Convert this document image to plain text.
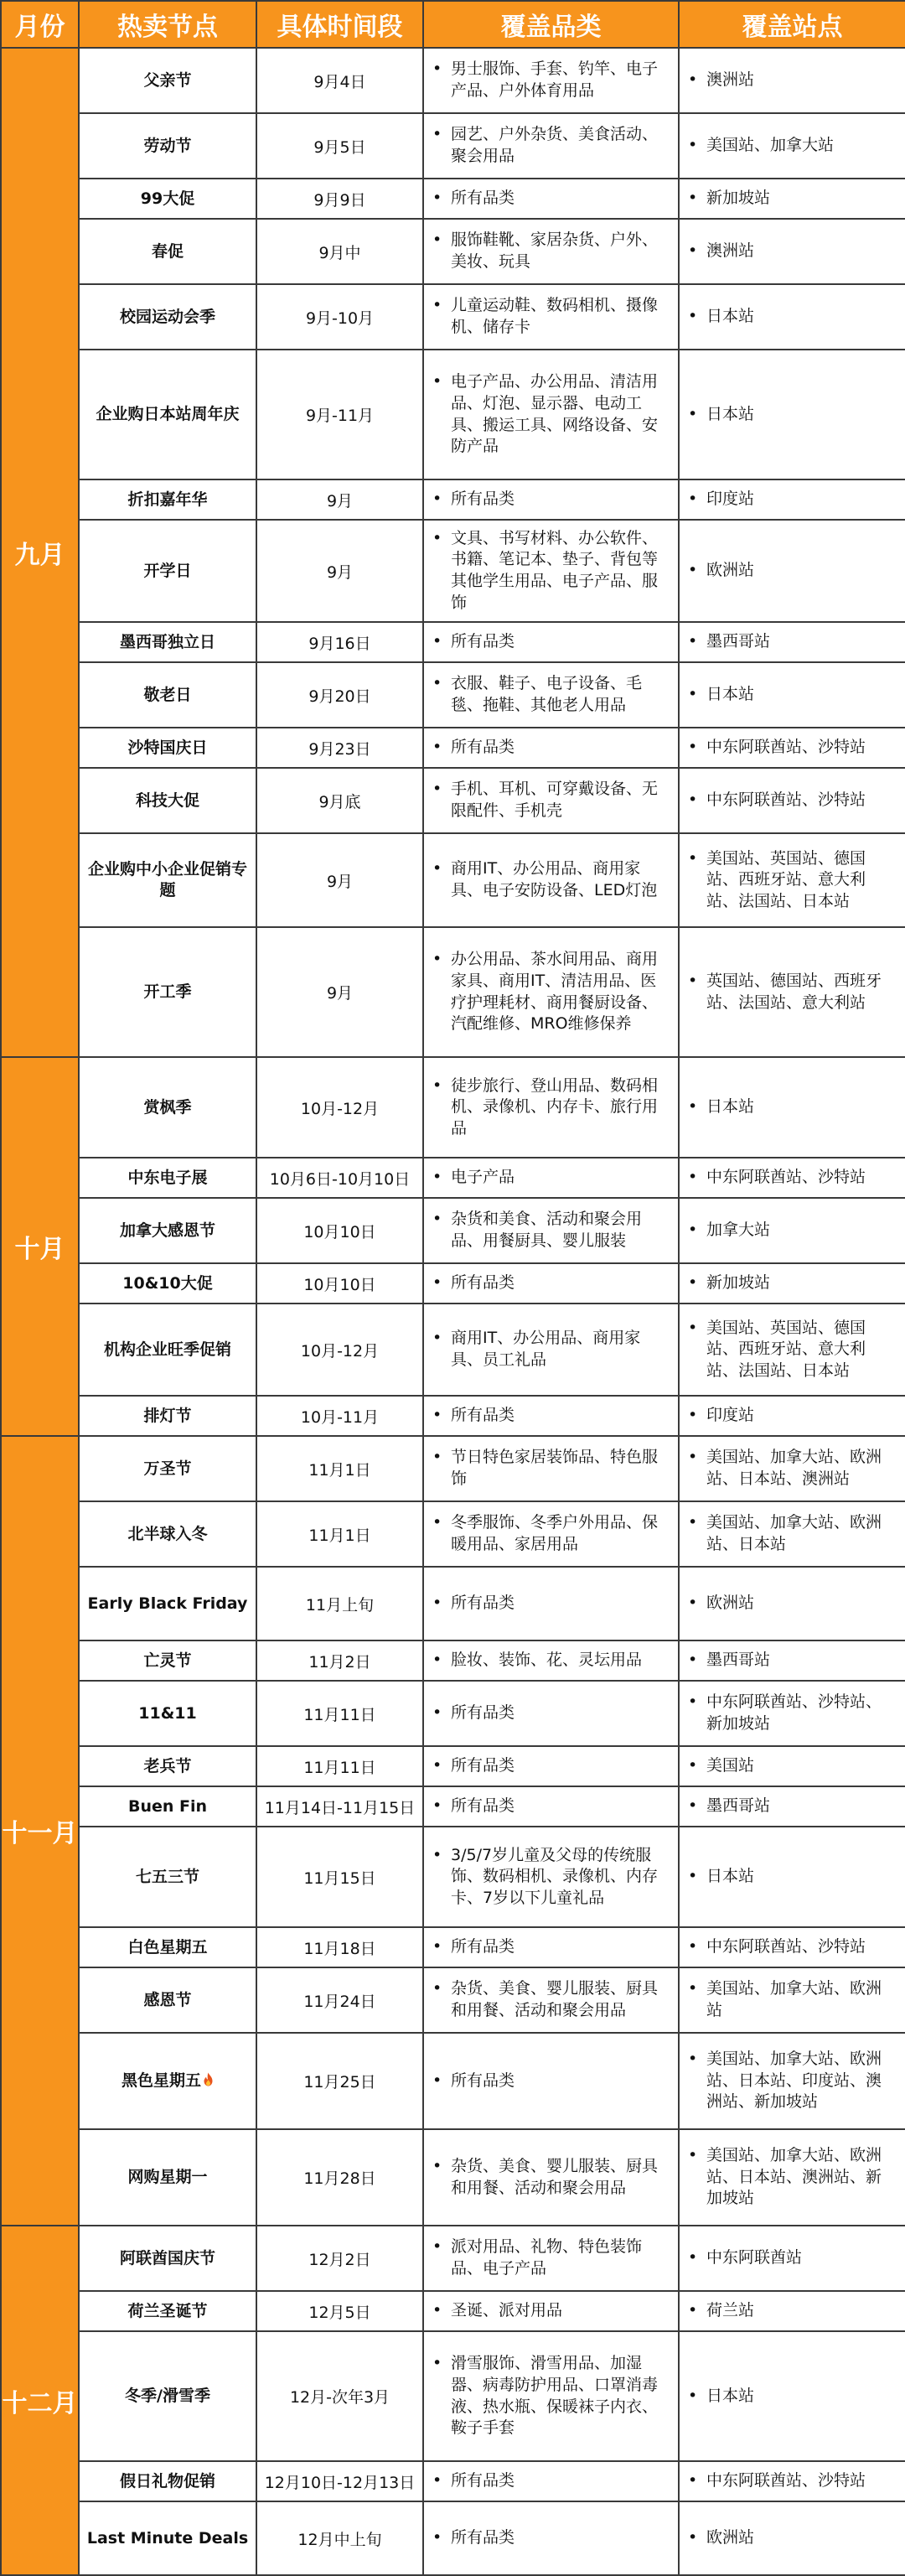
月份	热卖节点	具体时间段	覆盖品类	覆盖站点
九月	父亲节	9月4日	• 男士服饰、手套、钓竿、电子产品、户外体育用品	• 澳洲站

	劳动节	9月5日	• 园艺、户外杂货、美食活动、聚会用品	• 美国站、加拿大站

	99大促	9月9日	• 所有品类	• 新加坡站

	春促	9月中	• 服饰鞋靴、家居杂货、户外、美妆、玩具	• 澳洲站

	校园运动会季	9月-10月	• 儿童运动鞋、数码相机、摄像机、储存卡	• 日本站

	企业购日本站周年庆	9月-11月	• 电子产品、办公用品、清洁用品、灯泡、显示器、电动工具、搬运工具、网络设备、安防产品	• 日本站

	折扣嘉年华	9月	• 所有品类	• 印度站

	开学日	9月	• 文具、书写材料、办公软件、书籍、笔记本、垫子、背包等其他学生用品、电子产品、服饰	• 欧洲站

	墨西哥独立日	9月16日	• 所有品类	• 墨西哥站

	敬老日	9月20日	• 衣服、鞋子、电子设备、毛毯、拖鞋、其他老人用品	• 日本站

	沙特国庆日	9月23日	• 所有品类	• 中东阿联酋站、沙特站

	科技大促	9月底	• 手机、耳机、可穿戴设备、无限配件、手机壳	• 中东阿联酋站、沙特站

	企业购中小企业促销专题	9月	• 商用IT、办公用品、商用家具、电子安防设备、LED灯泡	• 美国站、英国站、德国站、西班牙站、意大利站、法国站、日本站

	开工季	9月	• 办公用品、茶水间用品、商用家具、商用IT、清洁用品、医疗护理耗材、商用餐厨设备、汽配维修、MRO维修保养	• 英国站、德国站、西班牙站、法国站、意大利站

十月	赏枫季	10月-12月	• 徒步旅行、登山用品、数码相机、录像机、内存卡、旅行用品	• 日本站

	中东电子展	10月6日-10月10日	• 电子产品	• 中东阿联酋站、沙特站

	加拿大感恩节	10月10日	• 杂货和美食、活动和聚会用品、用餐厨具、婴儿服装	• 加拿大站

	10&10大促	10月10日	• 所有品类	• 新加坡站

	机构企业旺季促销	10月-12月	• 商用IT、办公用品、商用家具、员工礼品	• 美国站、英国站、德国站、西班牙站、意大利站、法国站、日本站

	排灯节	10月-11月	• 所有品类	• 印度站

十一月	万圣节	11月1日	• 节日特色家居装饰品、特色服饰	• 美国站、加拿大站、欧洲站、日本站、澳洲站

	北半球入冬	11月1日	• 冬季服饰、冬季户外用品、保暖用品、家居用品	• 美国站、加拿大站、欧洲站、日本站

	Early Black Friday	11月上旬	• 所有品类	• 欧洲站

	亡灵节	11月2日	• 脸妆、装饰、花、灵坛用品	• 墨西哥站

	11&11	11月11日	• 所有品类	• 中东阿联酋站、沙特站、新加坡站

	老兵节	11月11日	• 所有品类	• 美国站

	Buen Fin	11月14日-11月15日	• 所有品类	• 墨西哥站

	七五三节	11月15日	• 3/5/7岁儿童及父母的传统服饰、数码相机、录像机、内存卡、7岁以下儿童礼品	• 日本站

	白色星期五	11月18日	• 所有品类	• 中东阿联酋站、沙特站

	感恩节	11月24日	• 杂货、美食、婴儿服装、厨具和用餐、活动和聚会用品	• 美国站、加拿大站、欧洲站

	黑色星期五	11月25日	• 所有品类	• 美国站、加拿大站、欧洲站、日本站、印度站、澳洲站、新加坡站

	网购星期一	11月28日	• 杂货、美食、婴儿服装、厨具和用餐、活动和聚会用品	• 美国站、加拿大站、欧洲站、日本站、澳洲站、新加坡站

十二月	阿联酋国庆节	12月2日	• 派对用品、礼物、特色装饰品、电子产品	• 中东阿联酋站

	荷兰圣诞节	12月5日	• 圣诞、派对用品	• 荷兰站

	冬季/滑雪季	12月-次年3月	• 滑雪服饰、滑雪用品、加湿器、病毒防护用品、口罩消毒液、热水瓶、保暖袜子内衣、鞍子手套	• 日本站

	假日礼物促销	12月10日-12月13日	• 所有品类	• 中东阿联酋站、沙特站

	Last Minute Deals	12月中上旬	• 所有品类	• 欧洲站
